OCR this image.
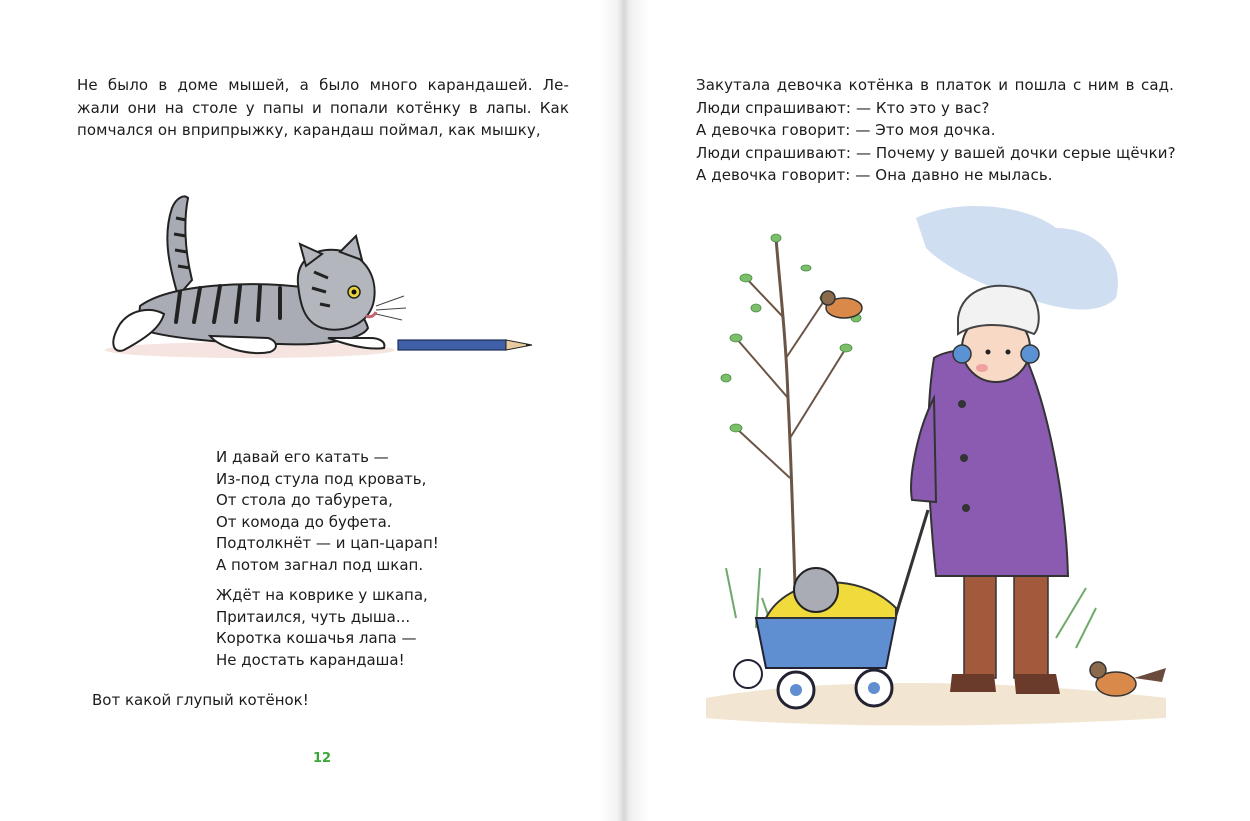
Не было в доме мышей, а было много карандашей. Ле-
жали они на столе у папы и попали котёнку в лапы. Как
помчался он вприпрыжку, карандаш поймал, как мышку,
И давай его катать —
Из-под стула под кровать,
От стола до табурета,
От комода до буфета.
Подтолкнёт — и цап-царап!
А потом загнал под шкап.
Ждёт на коврике у шкапа,
Притаился, чуть дыша...
Коротка кошачья лапа —
Не достать карандаша!
Вот какой глупый котёнок!
12
Закутала девочка котёнка в платок и пошла с ним в сад.
Люди спрашивают: — Кто это у вас?
А девочка говорит: — Это моя дочка.
Люди спрашивают: — Почему у вашей дочки серые щёчки?
А девочка говорит: — Она давно не мылась.
